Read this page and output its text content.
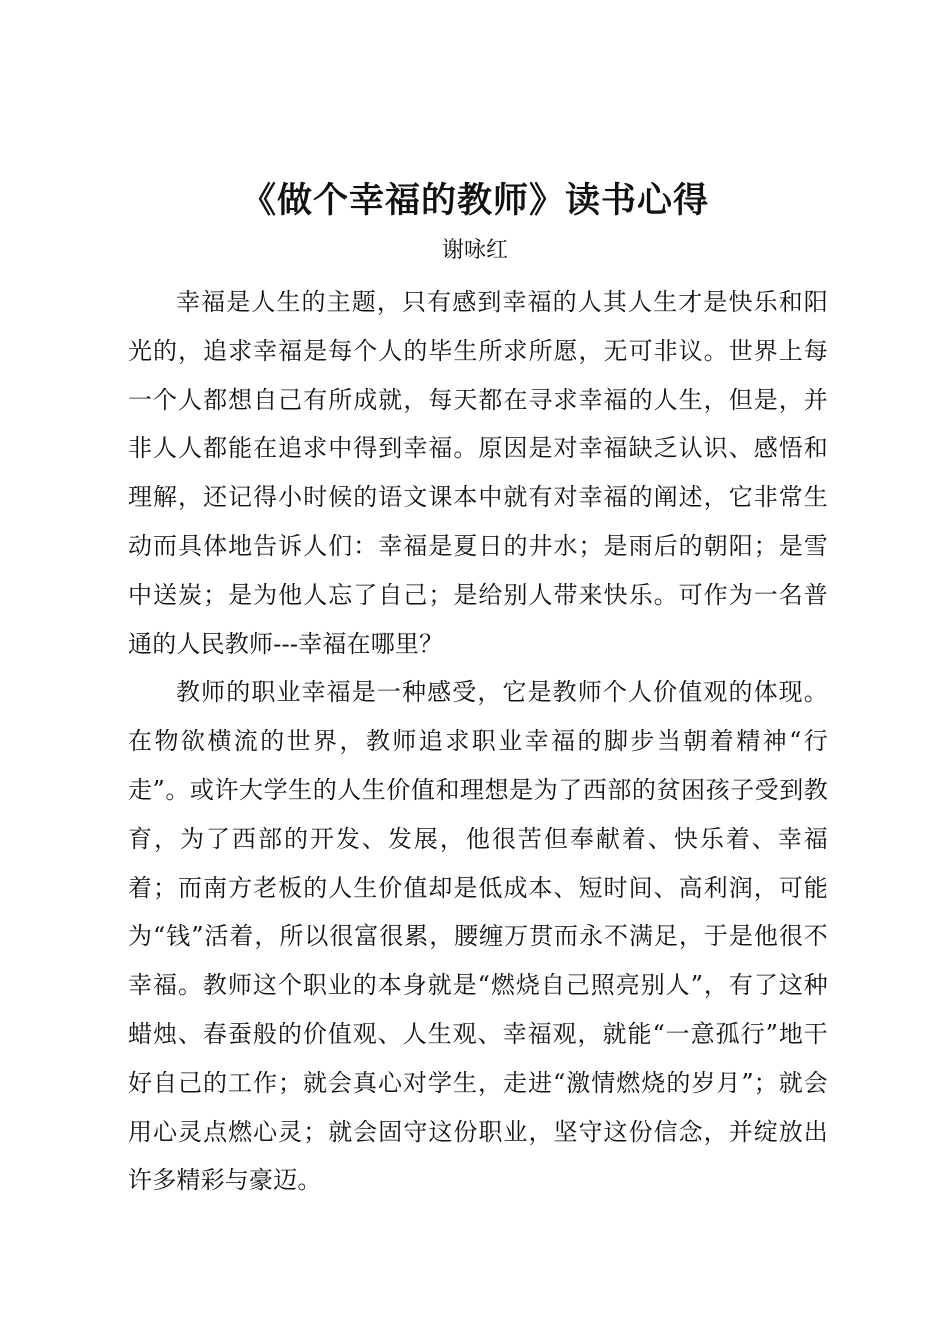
《做个幸福的教师》读书心得

谢咏红

幸福是人生的主题，只有感到幸福的人其人生才是快乐和阳光的，追求幸福是每个人的毕生所求所愿，无可非议。世界上每一个人都想自己有所成就，每天都在寻求幸福的人生，但是，并非人人都能在追求中得到幸福。原因是对幸福缺乏认识、感悟和理解，还记得小时候的语文课本中就有对幸福的阐述，它非常生动而具体地告诉人们：幸福是夏日的井水；是雨后的朝阳；是雪中送炭；是为他人忘了自己；是给别人带来快乐。可作为一名普通的人民教师---幸福在哪里？

教师的职业幸福是一种感受，它是教师个人价值观的体现。在物欲横流的世界，教师追求职业幸福的脚步当朝着精神“行走”。或许大学生的人生价值和理想是为了西部的贫困孩子受到教育，为了西部的开发、发展，他很苦但奉献着、快乐着、幸福着；而南方老板的人生价值却是低成本、短时间、高利润，可能为“钱”活着，所以很富很累，腰缠万贯而永不满足，于是他很不幸福。教师这个职业的本身就是“燃烧自己照亮别人”，有了这种蜡烛、春蚕般的价值观、人生观、幸福观，就能“一意孤行”地干好自己的工作；就会真心对学生，走进“激情燃烧的岁月”；就会用心灵点燃心灵；就会固守这份职业，坚守这份信念，并绽放出许多精彩与豪迈。
